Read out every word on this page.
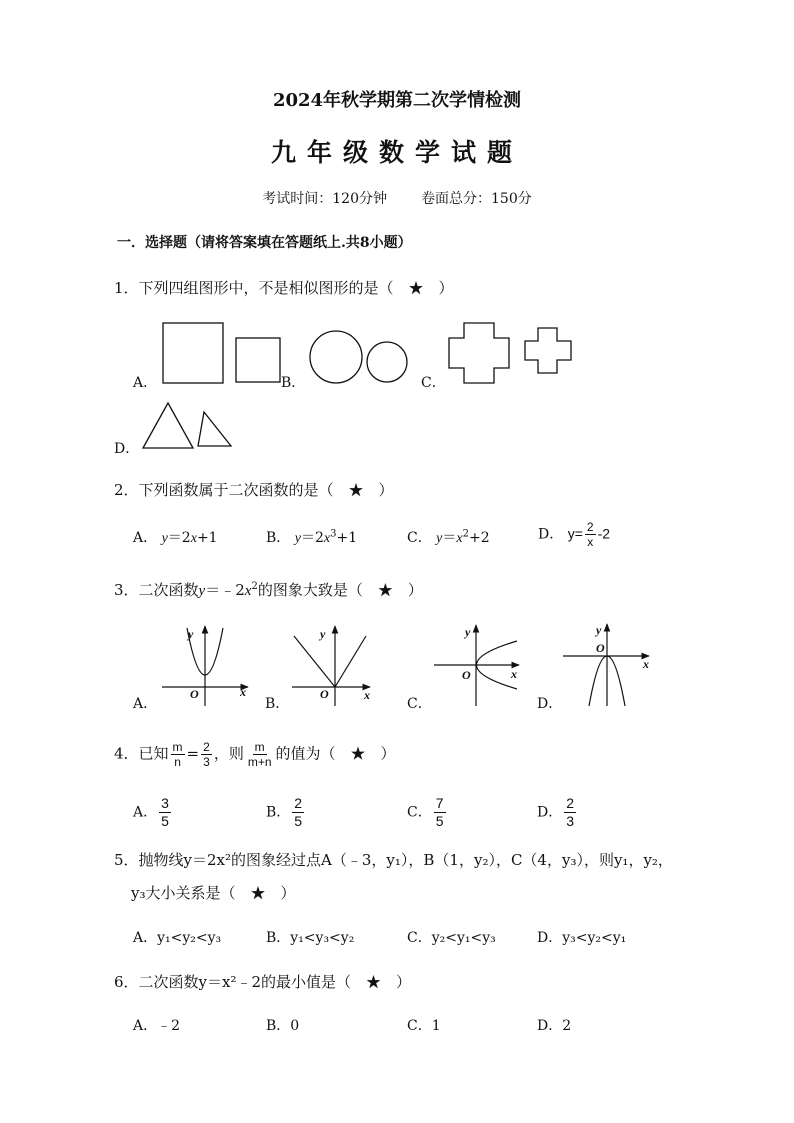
2024年秋学期第二次学情检测
九年级数学试题
考试时间：120分钟 卷面总分：150分
一．选择题（请将答案填在答题纸上.共8小题）
1．下列四组图形中，不是相似图形的是（　★　）
A．	B．	C．
D．
2．下列函数属于二次函数的是（　★　）
A． y＝2x+1	B． $y=2x^3+1$	C． $y=x^2+2$	D． $y= \frac{2}{x} -2$
3．二次函数$y=﹣2x^2$的图象大致是（　★　）
A．	B．	C．	D．
y
x
O
y
x
O
y
x
O
y
x
O
4．已知 $\frac{m}{n} = \frac{2}{3}$ ，则 $\frac{m}{m+n}$ 的值为（　★　）
A． $\frac{3}{5}$	B． $\frac{2}{5}$	C． $\frac{7}{5}$	D． $\frac{2}{3}$
5．抛物线y＝2x²的图象经过点A（﹣3，y₁），B（1，y₂），C（4，y₃），则y₁，y₂，
y₃大小关系是（　★　）
A．y₁<y₂<y₃	B．y₁<y₃<y₂	C．y₂<y₁<y₃	D．y₃<y₂<y₁
6．二次函数y＝x²﹣2的最小值是（　★　）
A．﹣2	B．0	C．1	D．2
